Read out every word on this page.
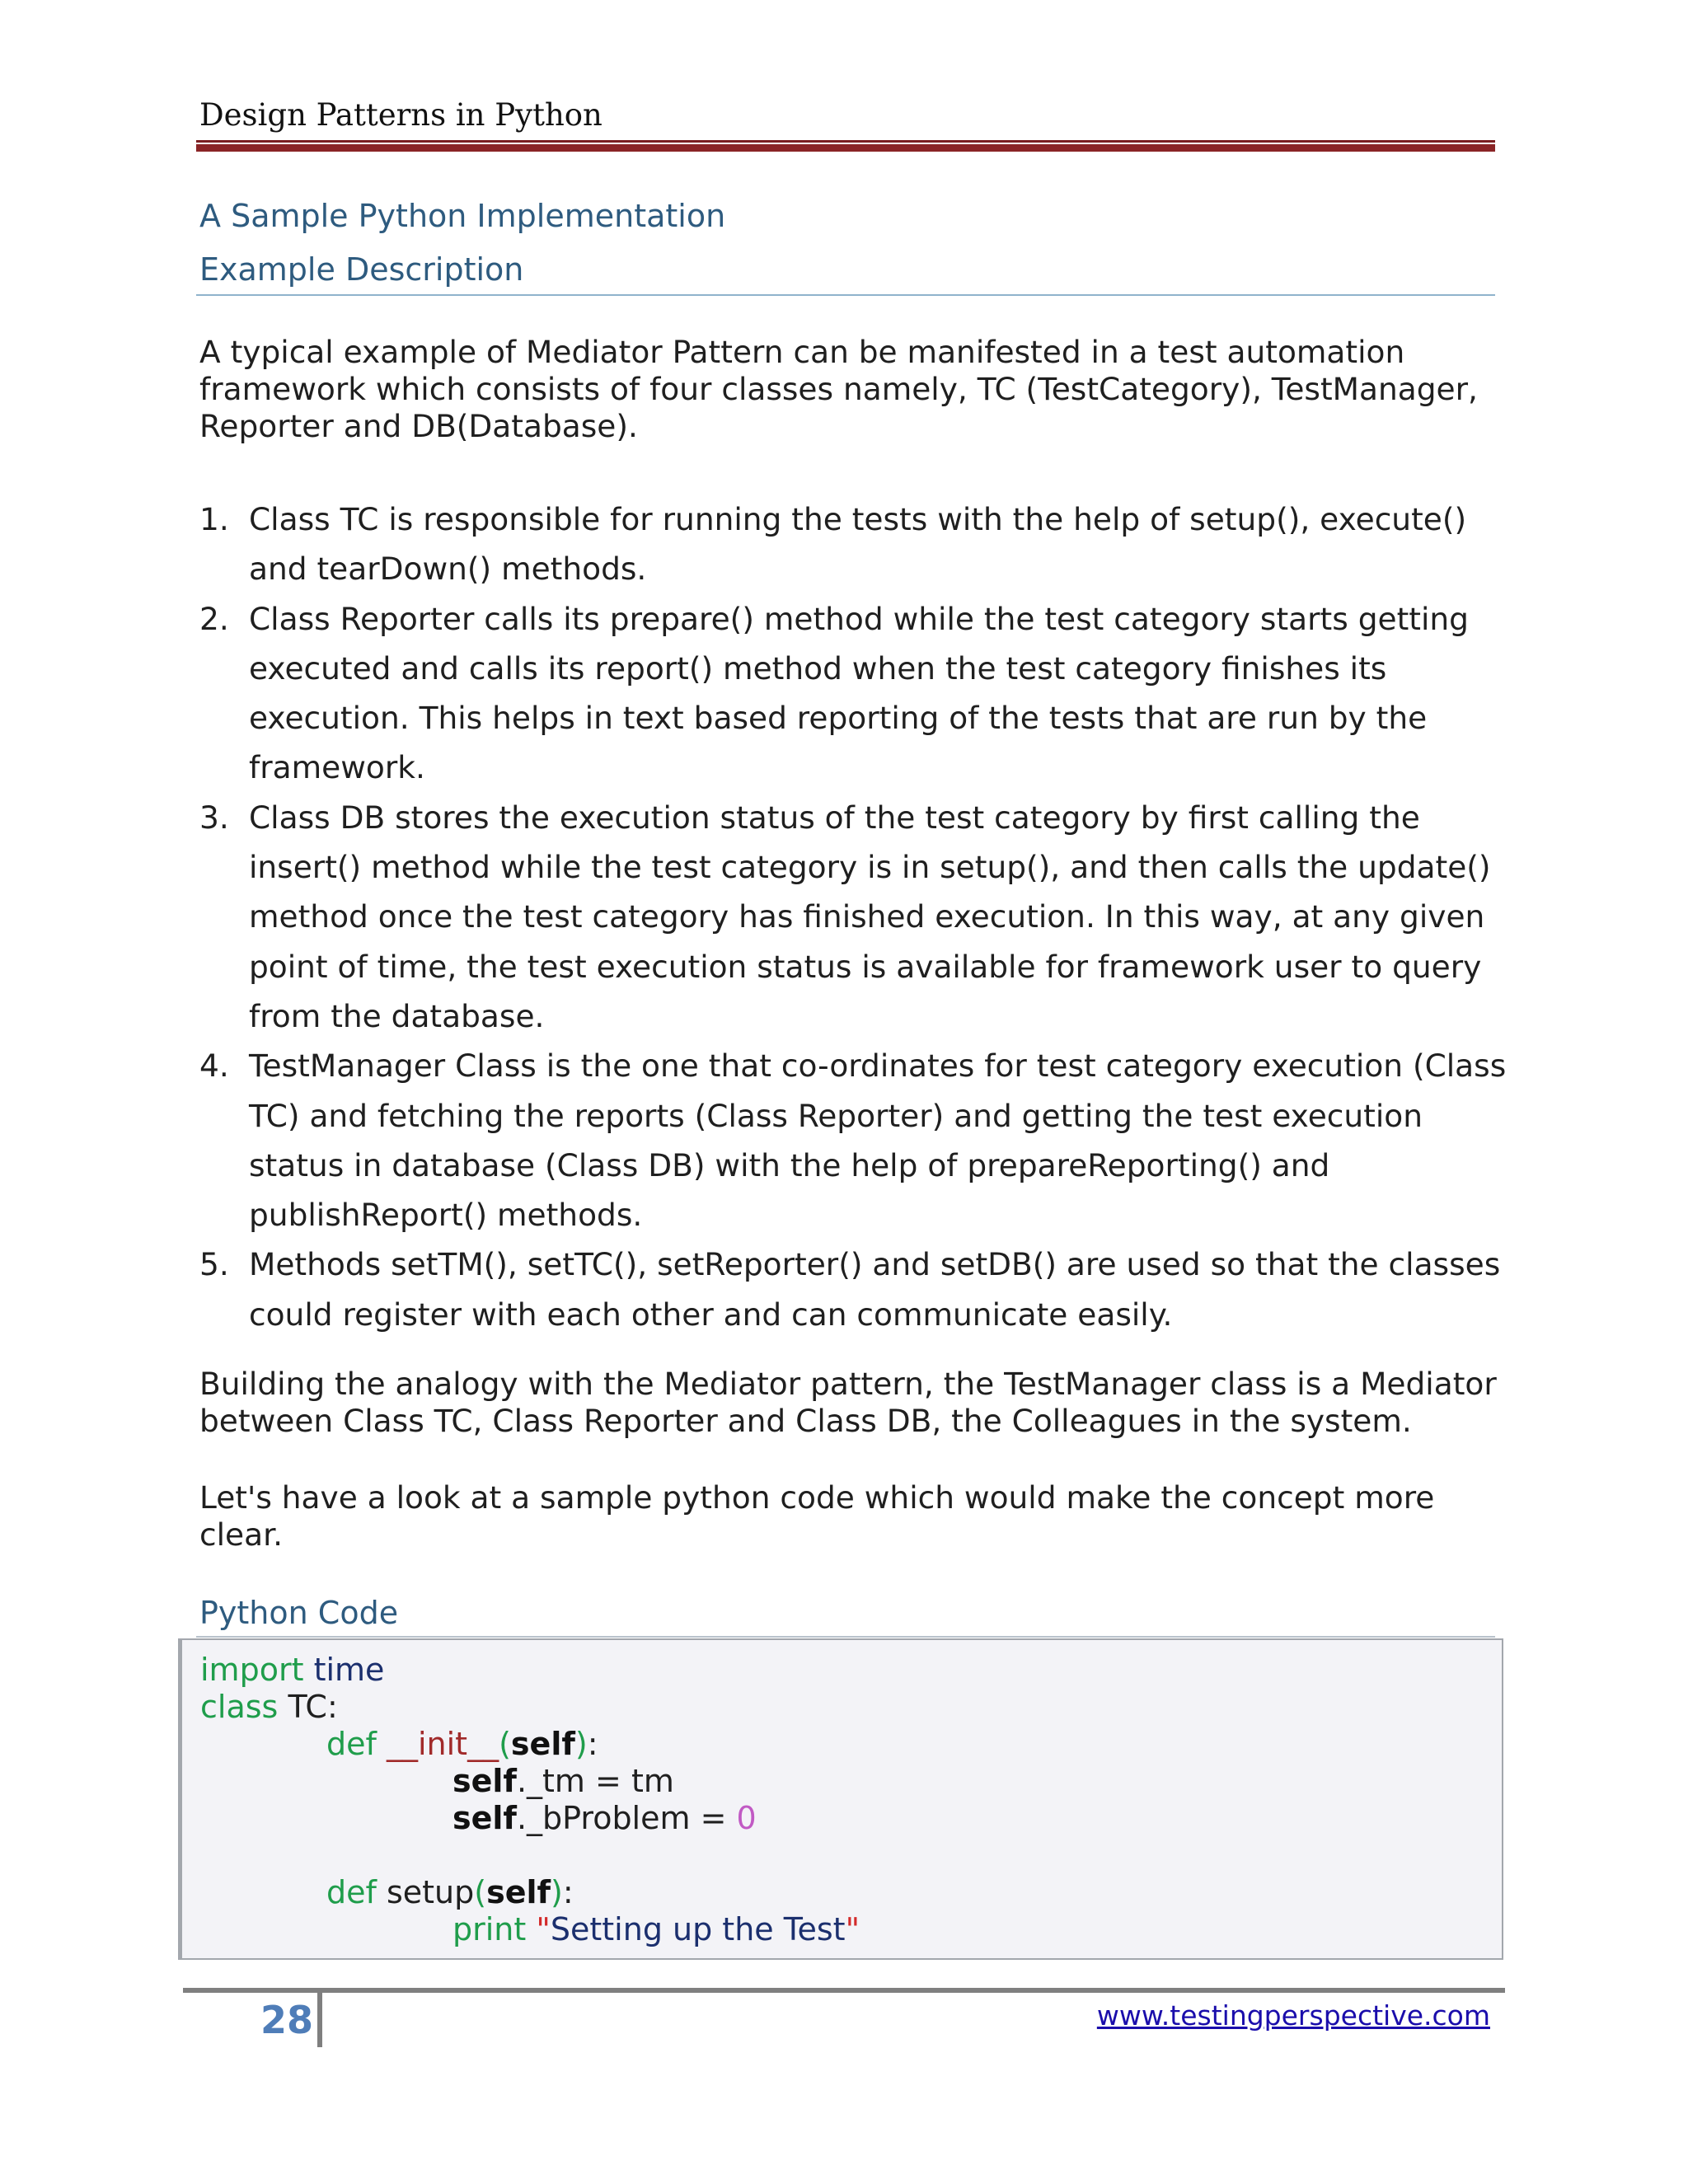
Design Patterns in Python
A Sample Python Implementation
Example Description
A typical example of Mediator Pattern can be manifested in a test automation framework which consists of four classes namely, TC (TestCategory), TestManager, Reporter and DB(Database).
1. Class TC is responsible for running the tests with the help of setup(), execute() and tearDown() methods.
2. Class Reporter calls its prepare() method while the test category starts getting executed and calls its report() method when the test category finishes its execution. This helps in text based reporting of the tests that are run by the framework.
3. Class DB stores the execution status of the test category by first calling the insert() method while the test category is in setup(), and then calls the update() method once the test category has finished execution. In this way, at any given point of time, the test execution status is available for framework user to query from the database.
4. TestManager Class is the one that co-ordinates for test category execution (Class TC) and fetching the reports (Class Reporter) and getting the test execution status in database (Class DB) with the help of prepareReporting() and publishReport() methods.
5. Methods setTM(), setTC(), setReporter() and setDB() are used so that the classes could register with each other and can communicate easily.
Building the analogy with the Mediator pattern, the TestManager class is a Mediator between Class TC, Class Reporter and Class DB, the Colleagues in the system.
Let's have a look at a sample python code which would make the concept more clear.
Python Code
import time
class TC:
def __init__(self):
self._tm = tm
self._bProblem = 0
def setup(self):
print "Setting up the Test"
28	www.testingperspective.com
